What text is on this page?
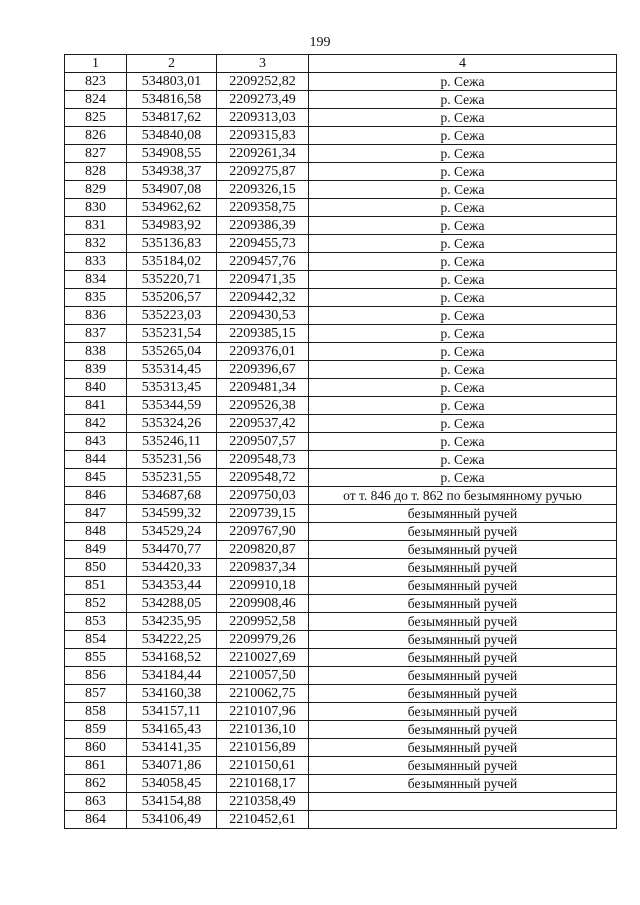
199
1	2	3	4
823	534803,01	2209252,82	р. Сежа
824	534816,58	2209273,49	р. Сежа
825	534817,62	2209313,03	р. Сежа
826	534840,08	2209315,83	р. Сежа
827	534908,55	2209261,34	р. Сежа
828	534938,37	2209275,87	р. Сежа
829	534907,08	2209326,15	р. Сежа
830	534962,62	2209358,75	р. Сежа
831	534983,92	2209386,39	р. Сежа
832	535136,83	2209455,73	р. Сежа
833	535184,02	2209457,76	р. Сежа
834	535220,71	2209471,35	р. Сежа
835	535206,57	2209442,32	р. Сежа
836	535223,03	2209430,53	р. Сежа
837	535231,54	2209385,15	р. Сежа
838	535265,04	2209376,01	р. Сежа
839	535314,45	2209396,67	р. Сежа
840	535313,45	2209481,34	р. Сежа
841	535344,59	2209526,38	р. Сежа
842	535324,26	2209537,42	р. Сежа
843	535246,11	2209507,57	р. Сежа
844	535231,56	2209548,73	р. Сежа
845	535231,55	2209548,72	р. Сежа
846	534687,68	2209750,03	от т. 846 до т. 862 по безымянному ручью
847	534599,32	2209739,15	безымянный ручей
848	534529,24	2209767,90	безымянный ручей
849	534470,77	2209820,87	безымянный ручей
850	534420,33	2209837,34	безымянный ручей
851	534353,44	2209910,18	безымянный ручей
852	534288,05	2209908,46	безымянный ручей
853	534235,95	2209952,58	безымянный ручей
854	534222,25	2209979,26	безымянный ручей
855	534168,52	2210027,69	безымянный ручей
856	534184,44	2210057,50	безымянный ручей
857	534160,38	2210062,75	безымянный ручей
858	534157,11	2210107,96	безымянный ручей
859	534165,43	2210136,10	безымянный ручей
860	534141,35	2210156,89	безымянный ручей
861	534071,86	2210150,61	безымянный ручей
862	534058,45	2210168,17	безымянный ручей
863	534154,88	2210358,49	
864	534106,49	2210452,61	
